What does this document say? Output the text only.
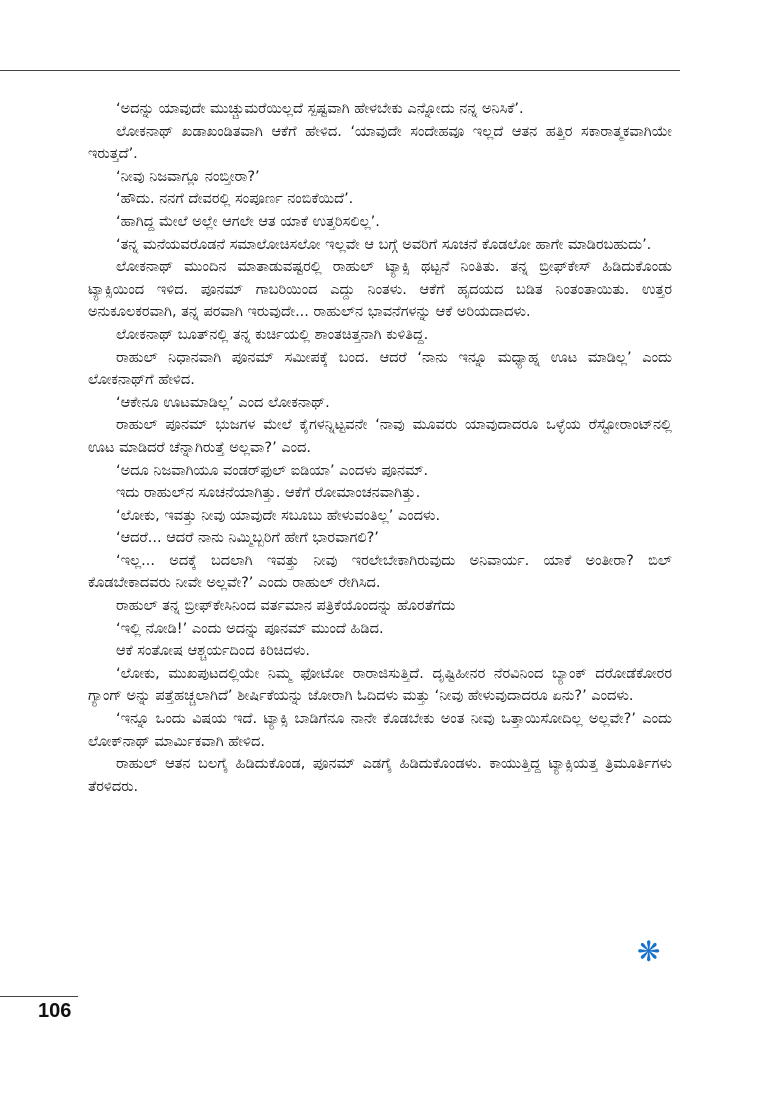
‘ಅದನ್ನು ಯಾವುದೇ ಮುಚ್ಚುಮರೆಯಿಲ್ಲದೆ ಸ್ಪಷ್ಟವಾಗಿ ಹೇಳಬೇಕು ಎನ್ನೋದು ನನ್ನ ಅನಿಸಿಕೆ’.

ಲೋಕನಾಥ್ ಖಡಾಖಂಡಿತವಾಗಿ ಆಕೆಗೆ ಹೇಳಿದ. ‘ಯಾವುದೇ ಸಂದೇಹವೂ ಇಲ್ಲದೆ ಆತನ ಹತ್ತಿರ ಸಕಾರಾತ್ಮಕವಾಗಿಯೇ ಇರುತ್ತದೆ’.

‘ನೀವು ನಿಜವಾಗ್ಲೂ ನಂಬ್ತೀರಾ?’

‘ಹೌದು. ನನಗೆ ದೇವರಲ್ಲಿ ಸಂಪೂರ್ಣ ನಂಬಿಕೆಯಿದೆ’.

‘ಹಾಗಿದ್ದ ಮೇಲೆ ಅಲ್ಲೇ ಆಗಲೇ ಆತ ಯಾಕೆ ಉತ್ತರಿಸಲಿಲ್ಲ’.

‘ತನ್ನ ಮನೆಯವರೊಡನೆ ಸಮಾಲೋಚಿಸಲೋ ಇಲ್ಲವೇ ಆ ಬಗ್ಗೆ ಅವರಿಗೆ ಸೂಚನೆ ಕೊಡಲೋ ಹಾಗೇ ಮಾಡಿರಬಹುದು’.

ಲೋಕನಾಥ್ ಮುಂದಿನ ಮಾತಾಡುವಷ್ಟರಲ್ಲಿ ರಾಹುಲ್ ಟ್ಯಾಕ್ಸಿ ಥಟ್ಟನೆ ನಿಂತಿತು. ತನ್ನ ಬ್ರೀಫ್‌ಕೇಸ್ ಹಿಡಿದುಕೊಂಡು ಟ್ಯಾಕ್ಸಿಯಿಂದ ಇಳಿದ. ಪೂನಮ್ ಗಾಬರಿಯಿಂದ ಎದ್ದು ನಿಂತಳು. ಆಕೆಗೆ ಹೃದಯದ ಬಡಿತ ನಿಂತಂತಾಯಿತು. ಉತ್ತರ ಅನುಕೂಲಕರವಾಗಿ, ತನ್ನ ಪರವಾಗಿ ಇರುವುದೇ... ರಾಹುಲ್‌ನ ಭಾವನೆಗಳನ್ನು ಆಕೆ ಅರಿಯದಾದಳು.

ಲೋಕನಾಥ್ ಬೂತ್‌ನಲ್ಲಿ ತನ್ನ ಕುರ್ಚಿಯಲ್ಲಿ ಶಾಂತಚಿತ್ತನಾಗಿ ಕುಳಿತಿದ್ದ.

ರಾಹುಲ್ ನಿಧಾನವಾಗಿ ಪೂನಮ್ ಸಮೀಪಕ್ಕೆ ಬಂದ. ಆದರೆ ‘ನಾನು ಇನ್ನೂ ಮಧ್ಯಾಹ್ನ ಊಟ ಮಾಡಿಲ್ಲ’ ಎಂದು ಲೋಕನಾಥ್‌ಗೆ ಹೇಳಿದ.

‘ಆಕೇನೂ ಊಟಮಾಡಿಲ್ಲ’ ಎಂದ ಲೋಕನಾಥ್.

ರಾಹುಲ್ ಪೂನಮ್ ಭುಜಗಳ ಮೇಲೆ ಕೈಗಳನ್ನಿಟ್ಟವನೇ ‘ನಾವು ಮೂವರು ಯಾವುದಾದರೂ ಒಳ್ಳೆಯ ರೆಸ್ಟೋರಾಂಟ್‌ನಲ್ಲಿ ಊಟ ಮಾಡಿದರೆ ಚೆನ್ನಾಗಿರುತ್ತೆ ಅಲ್ಲವಾ?’ ಎಂದ.

‘ಅದೂ ನಿಜವಾಗಿಯೂ ವಂಡರ್‌ಫುಲ್ ಐಡಿಯಾ’ ಎಂದಳು ಪೂನಮ್.

ಇದು ರಾಹುಲ್‌ನ ಸೂಚನೆಯಾಗಿತ್ತು. ಆಕೆಗೆ ರೋಮಾಂಚನವಾಗಿತ್ತು.

‘ಲೋಕು, ಇವತ್ತು ನೀವು ಯಾವುದೇ ಸಬೂಬು ಹೇಳುವಂತಿಲ್ಲ’ ಎಂದಳು.

‘ಆದರೆ... ಆದರೆ ನಾನು ನಿಮ್ಮಿಬ್ಬರಿಗೆ ಹೇಗೆ ಭಾರವಾಗಲಿ?’

‘ಇಲ್ಲ... ಅದಕ್ಕೆ ಬದಲಾಗಿ ಇವತ್ತು ನೀವು ಇರಲೇಬೇಕಾಗಿರುವುದು ಅನಿವಾರ್ಯ. ಯಾಕೆ ಅಂತೀರಾ? ಬಿಲ್ ಕೊಡಬೇಕಾದವರು ನೀವೇ ಅಲ್ಲವೇ?’ ಎಂದು ರಾಹುಲ್ ರೇಗಿಸಿದ.

ರಾಹುಲ್ ತನ್ನ ಬ್ರೀಫ್‌ಕೇಸಿನಿಂದ ವರ್ತಮಾನ ಪತ್ರಿಕೆಯೊಂದನ್ನು ಹೊರತೆಗೆದು

‘ಇಲ್ಲಿ ನೋಡಿ!’ ಎಂದು ಅದನ್ನು ಪೂನಮ್ ಮುಂದೆ ಹಿಡಿದ.

ಆಕೆ ಸಂತೋಷ ಆಶ್ಚರ್ಯದಿಂದ ಕಿರಿಚಿದಳು.

‘ಲೋಕು, ಮುಖಪುಟದಲ್ಲಿಯೇ ನಿಮ್ಮ ಫೋಟೋ ರಾರಾಜಿಸುತ್ತಿದೆ. ದೃಷ್ಟಿಹೀನರ ನೆರವಿನಿಂದ ಬ್ಯಾಂಕ್ ದರೋಡೆಕೋರರ ಗ್ಯಾಂಗ್ ಅನ್ನು ಪತ್ತೆಹಚ್ಚಲಾಗಿದೆ’ ಶೀರ್ಷಿಕೆಯನ್ನು ಜೋರಾಗಿ ಓದಿದಳು ಮತ್ತು ‘ನೀವು ಹೇಳುವುದಾದರೂ ಏನು?’ ಎಂದಳು.

‘ಇನ್ನೂ ಒಂದು ವಿಷಯ ಇದೆ. ಟ್ಯಾಕ್ಸಿ ಬಾಡಿಗೆನೂ ನಾನೇ ಕೊಡಬೇಕು ಅಂತ ನೀವು ಒತ್ತಾಯಿಸೋದಿಲ್ಲ ಅಲ್ಲವೇ?’ ಎಂದು ಲೋಕ್‌ನಾಥ್ ಮಾರ್ಮಿಕವಾಗಿ ಹೇಳಿದ.

ರಾಹುಲ್ ಆತನ ಬಲಗೈ ಹಿಡಿದುಕೊಂಡ, ಪೂನಮ್ ಎಡಗೈ ಹಿಡಿದುಕೊಂಡಳು. ಕಾಯುತ್ತಿದ್ದ ಟ್ಯಾಕ್ಸಿಯತ್ತ ತ್ರಿಮೂರ್ತಿಗಳು ತೆರಳಿದರು.

❋
106
